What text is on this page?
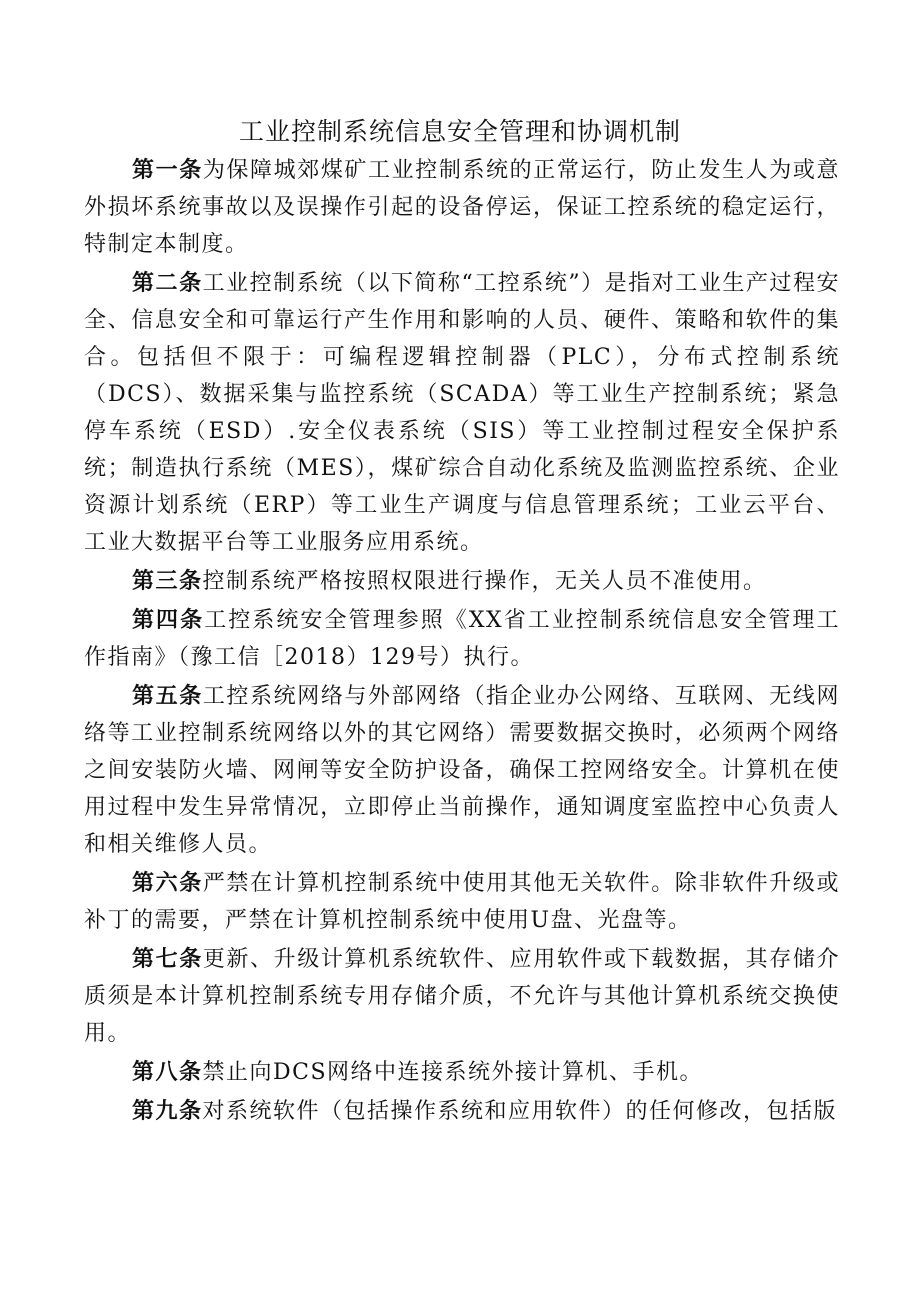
工业控制系统信息安全管理和协调机制

第一条为保障城郊煤矿工业控制系统的正常运行，防止发生人为或意外损坏系统事故以及误操作引起的设备停运，保证工控系统的稳定运行，特制定本制度。

第二条工业控制系统（以下简称“工控系统”）是指对工业生产过程安全、信息安全和可靠运行产生作用和影响的人员、硬件、策略和软件的集合。包括但不限于：可编程逻辑控制器（PLC），分布式控制系统（DCS）、数据采集与监控系统（SCADA）等工业生产控制系统；紧急停车系统（ESD）.安全仪表系统（SIS）等工业控制过程安全保护系统；制造执行系统（MES），煤矿综合自动化系统及监测监控系统、企业资源计划系统（ERP）等工业生产调度与信息管理系统；工业云平台、工业大数据平台等工业服务应用系统。

第三条控制系统严格按照权限进行操作，无关人员不准使用。

第四条工控系统安全管理参照《XX省工业控制系统信息安全管理工作指南》（豫工信［2018）129号）执行。

第五条工控系统网络与外部网络（指企业办公网络、互联网、无线网络等工业控制系统网络以外的其它网络）需要数据交换时，必须两个网络之间安装防火墙、网闸等安全防护设备，确保工控网络安全。计算机在使用过程中发生异常情况，立即停止当前操作，通知调度室监控中心负责人和相关维修人员。

第六条严禁在计算机控制系统中使用其他无关软件。除非软件升级或补丁的需要，严禁在计算机控制系统中使用U盘、光盘等。

第七条更新、升级计算机系统软件、应用软件或下载数据，其存储介质须是本计算机控制系统专用存储介质，不允许与其他计算机系统交换使用。

第八条禁止向DCS网络中连接系统外接计算机、手机。

第九条对系统软件（包括操作系统和应用软件）的任何修改，包括版
